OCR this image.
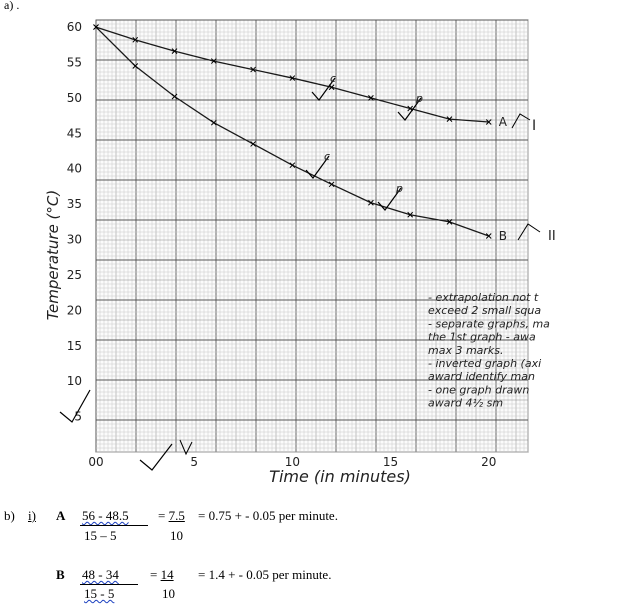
a) .
5
10
15
20
25
30
35
40
45
50
55
60
00	5	10	15	20
Time (in minutes)
Temperature (°C)
A
B
c
p
c
p
I
II
- extrapolation not t
exceed 2 small squa
- separate graphs, ma
the 1st graph - awa
max 3 marks.
- inverted graph (axi
award identify man
- one graph drawn
award 4½ sm
b) i) A 56 - 48.5
15 – 5
= 7.5
10
= 0.75 + - 0.05 per minute.
B 48 - 34
15 - 5
= 14
10
= 1.4 + - 0.05 per minute.
